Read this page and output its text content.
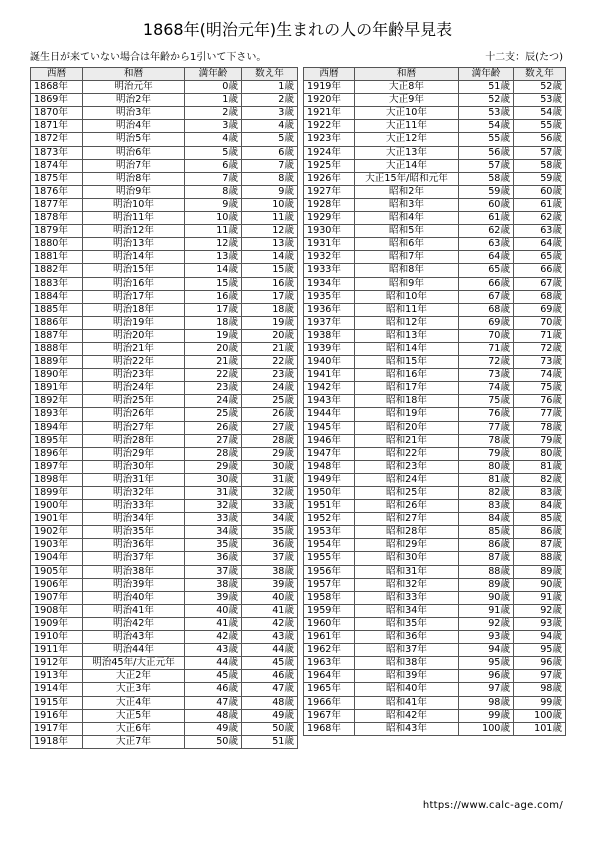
1868年(明治元年)生まれの人の年齢早見表
誕生日が来ていない場合は年齢から1引いて下さい。	十二支：辰(たつ)
西暦	和暦	満年齢	数え年
1868年	明治元年	0歳	1歳
1869年	明治2年	1歳	2歳
1870年	明治3年	2歳	3歳
1871年	明治4年	3歳	4歳
1872年	明治5年	4歳	5歳
1873年	明治6年	5歳	6歳
1874年	明治7年	6歳	7歳
1875年	明治8年	7歳	8歳
1876年	明治9年	8歳	9歳
1877年	明治10年	9歳	10歳
1878年	明治11年	10歳	11歳
1879年	明治12年	11歳	12歳
1880年	明治13年	12歳	13歳
1881年	明治14年	13歳	14歳
1882年	明治15年	14歳	15歳
1883年	明治16年	15歳	16歳
1884年	明治17年	16歳	17歳
1885年	明治18年	17歳	18歳
1886年	明治19年	18歳	19歳
1887年	明治20年	19歳	20歳
1888年	明治21年	20歳	21歳
1889年	明治22年	21歳	22歳
1890年	明治23年	22歳	23歳
1891年	明治24年	23歳	24歳
1892年	明治25年	24歳	25歳
1893年	明治26年	25歳	26歳
1894年	明治27年	26歳	27歳
1895年	明治28年	27歳	28歳
1896年	明治29年	28歳	29歳
1897年	明治30年	29歳	30歳
1898年	明治31年	30歳	31歳
1899年	明治32年	31歳	32歳
1900年	明治33年	32歳	33歳
1901年	明治34年	33歳	34歳
1902年	明治35年	34歳	35歳
1903年	明治36年	35歳	36歳
1904年	明治37年	36歳	37歳
1905年	明治38年	37歳	38歳
1906年	明治39年	38歳	39歳
1907年	明治40年	39歳	40歳
1908年	明治41年	40歳	41歳
1909年	明治42年	41歳	42歳
1910年	明治43年	42歳	43歳
1911年	明治44年	43歳	44歳
1912年	明治45年/大正元年	44歳	45歳
1913年	大正2年	45歳	46歳
1914年	大正3年	46歳	47歳
1915年	大正4年	47歳	48歳
1916年	大正5年	48歳	49歳
1917年	大正6年	49歳	50歳
1918年	大正7年	50歳	51歳
西暦	和暦	満年齢	数え年
1919年	大正8年	51歳	52歳
1920年	大正9年	52歳	53歳
1921年	大正10年	53歳	54歳
1922年	大正11年	54歳	55歳
1923年	大正12年	55歳	56歳
1924年	大正13年	56歳	57歳
1925年	大正14年	57歳	58歳
1926年	大正15年/昭和元年	58歳	59歳
1927年	昭和2年	59歳	60歳
1928年	昭和3年	60歳	61歳
1929年	昭和4年	61歳	62歳
1930年	昭和5年	62歳	63歳
1931年	昭和6年	63歳	64歳
1932年	昭和7年	64歳	65歳
1933年	昭和8年	65歳	66歳
1934年	昭和9年	66歳	67歳
1935年	昭和10年	67歳	68歳
1936年	昭和11年	68歳	69歳
1937年	昭和12年	69歳	70歳
1938年	昭和13年	70歳	71歳
1939年	昭和14年	71歳	72歳
1940年	昭和15年	72歳	73歳
1941年	昭和16年	73歳	74歳
1942年	昭和17年	74歳	75歳
1943年	昭和18年	75歳	76歳
1944年	昭和19年	76歳	77歳
1945年	昭和20年	77歳	78歳
1946年	昭和21年	78歳	79歳
1947年	昭和22年	79歳	80歳
1948年	昭和23年	80歳	81歳
1949年	昭和24年	81歳	82歳
1950年	昭和25年	82歳	83歳
1951年	昭和26年	83歳	84歳
1952年	昭和27年	84歳	85歳
1953年	昭和28年	85歳	86歳
1954年	昭和29年	86歳	87歳
1955年	昭和30年	87歳	88歳
1956年	昭和31年	88歳	89歳
1957年	昭和32年	89歳	90歳
1958年	昭和33年	90歳	91歳
1959年	昭和34年	91歳	92歳
1960年	昭和35年	92歳	93歳
1961年	昭和36年	93歳	94歳
1962年	昭和37年	94歳	95歳
1963年	昭和38年	95歳	96歳
1964年	昭和39年	96歳	97歳
1965年	昭和40年	97歳	98歳
1966年	昭和41年	98歳	99歳
1967年	昭和42年	99歳	100歳
1968年	昭和43年	100歳	101歳
https://www.calc-age.com/
